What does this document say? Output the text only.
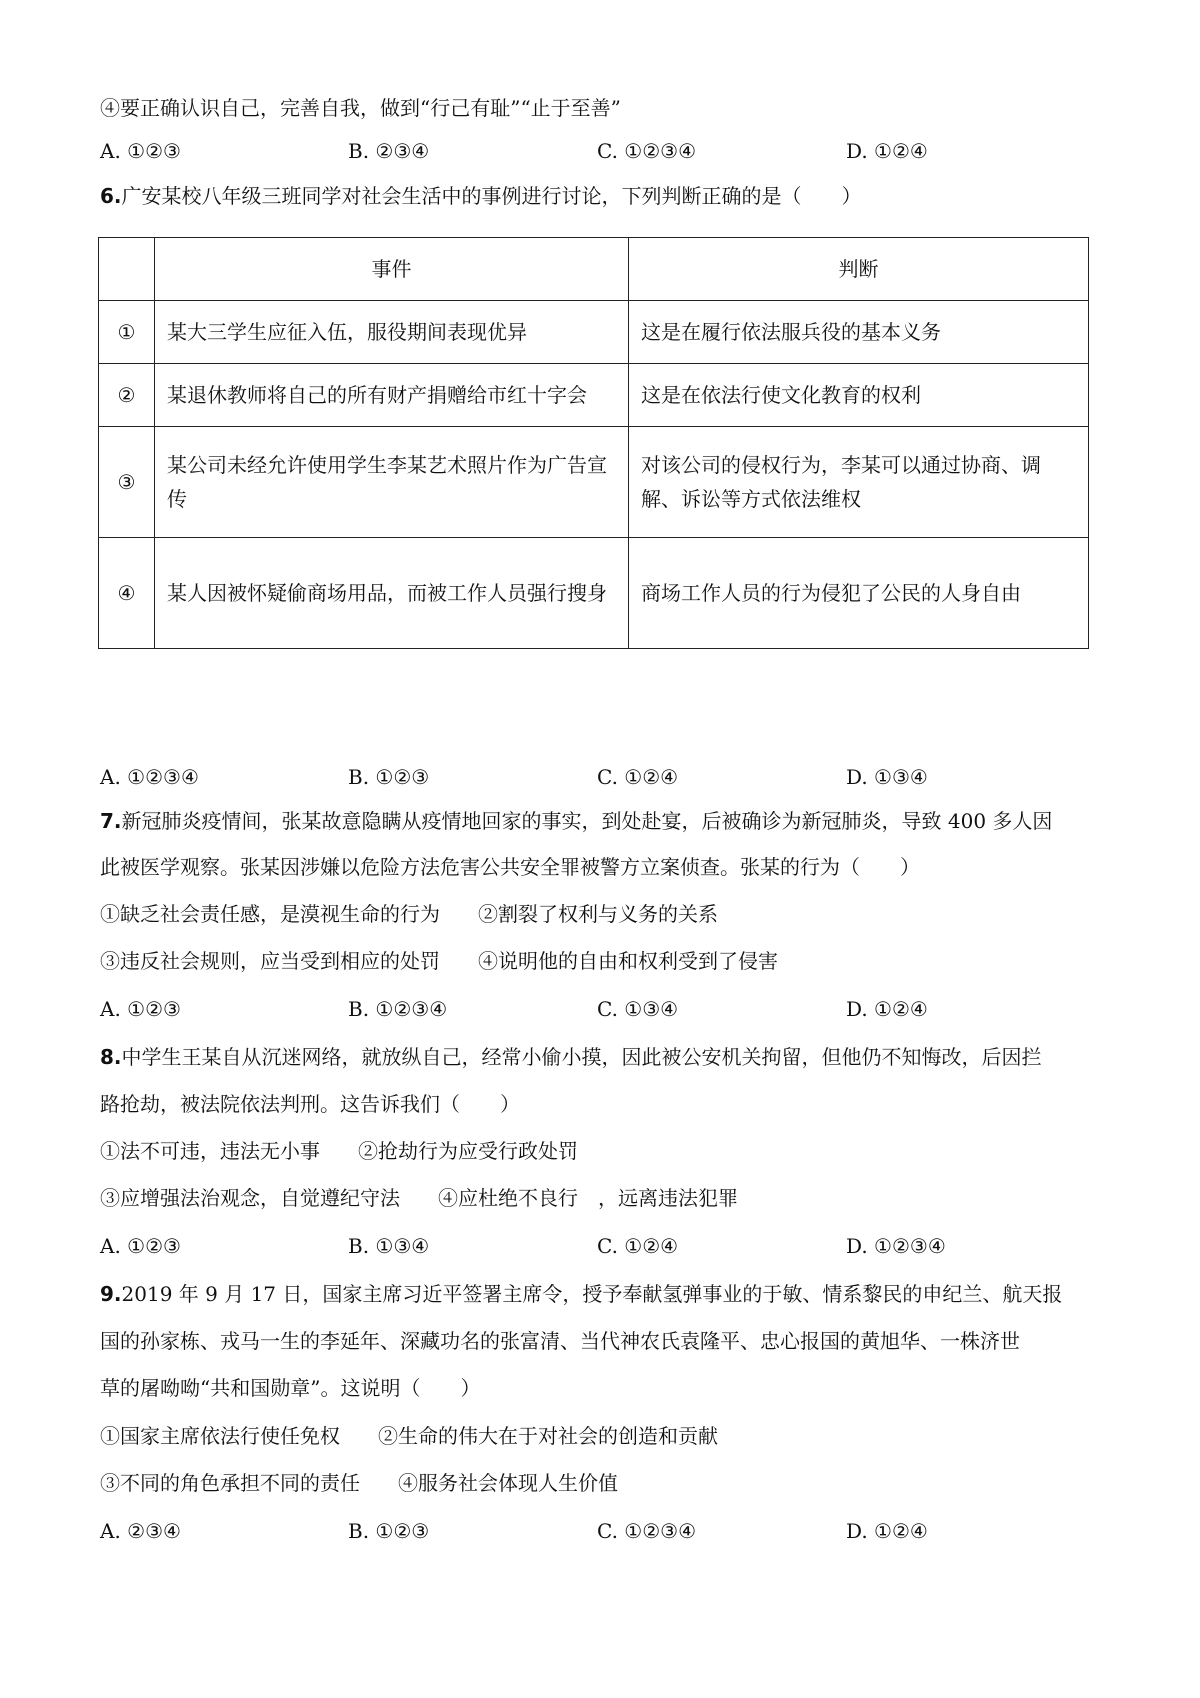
④要正确认识自己，完善自我，做到“行己有耻”“止于至善”
A. ①②③	B. ②③④	C. ①②③④	D. ①②④
6.广安某校八年级三班同学对社会生活中的事例进行讨论，下列判断正确的是（　　）
	事件	判断
①	某大三学生应征入伍，服役期间表现优异	这是在履行依法服兵役的基本义务
②	某退休教师将自己的所有财产捐赠给市红十字会	这是在依法行使文化教育的权利
③	某公司未经允许使用学生李某艺术照片作为广告宣传	对该公司的侵权行为，李某可以通过协商、调解、诉讼等方式依法维权
④	某人因被怀疑偷商场用品，而被工作人员强行搜身	商场工作人员的行为侵犯了公民的人身自由
A. ①②③④	B. ①②③	C. ①②④	D. ①③④
7.新冠肺炎疫情间，张某故意隐瞒从疫情地回家的事实，到处赴宴，后被确诊为新冠肺炎，导致 400 多人因
此被医学观察。张某因涉嫌以危险方法危害公共安全罪被警方立案侦查。张某的行为（　　）
①缺乏社会责任感，是漠视生命的行为 ②割裂了权利与义务的关系
③违反社会规则，应当受到相应的处罚 ④说明他的自由和权利受到了侵害
A. ①②③	B. ①②③④	C. ①③④	D. ①②④
8.中学生王某自从沉迷网络，就放纵自己，经常小偷小摸，因此被公安机关拘留，但他仍不知悔改，后因拦
路抢劫，被法院依法判刑。这告诉我们（　　）
①法不可违，违法无小事 ②抢劫行为应受行政处罚
③应增强法治观念，自觉遵纪守法 ④应杜绝不良行　，远离违法犯罪
A. ①②③	B. ①③④	C. ①②④	D. ①②③④
9.2019 年 9 月 17 日，国家主席习近平签署主席令，授予奉献氢弹事业的于敏、情系黎民的申纪兰、航天报
国的孙家栋、戎马一生的李延年、深藏功名的张富清、当代神农氏袁隆平、忠心报国的黄旭华、一株济世
草的屠呦呦“共和国勋章”。这说明（　　）
①国家主席依法行使任免权 ②生命的伟大在于对社会的创造和贡献
③不同的角色承担不同的责任 ④服务社会体现人生价值
A. ②③④	B. ①②③	C. ①②③④	D. ①②④
